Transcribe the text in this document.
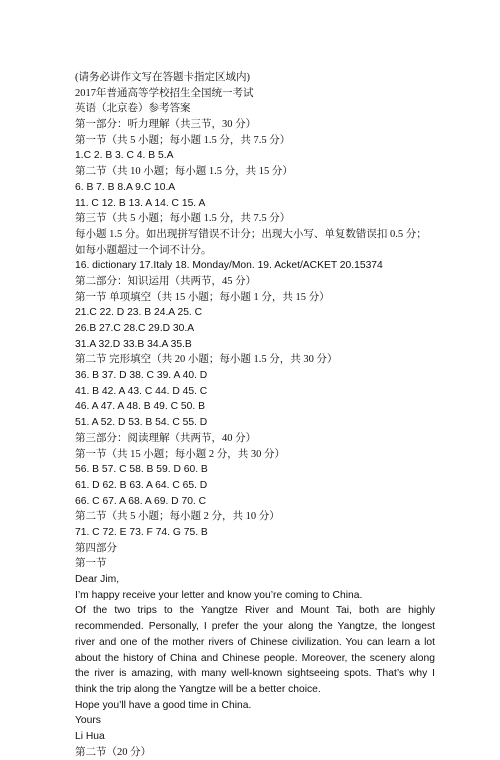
(请务必讲作文写在答题卡指定区域内)
2017年普通高等学校招生全国统一考试
英语（北京卷）参考答案
第一部分：听力理解（共三节，30 分）
第一节（共 5 小题；每小题 1.5 分，共 7.5 分）
1.C 2. B 3. C 4. B 5.A
第二节（共 10 小题；每小题 1.5 分，共 15 分）
6. B 7. B 8.A 9.C 10.A
11. C 12. B 13. A 14. C 15. A
第三节（共 5 小题；每小题 1.5 分，共 7.5 分）
每小题 1.5 分。如出现拼写错误不计分；出现大小写、单复数错误扣 0.5 分；如每小题超过一个词不计分。
16. dictionary 17.Italy 18. Monday/Mon. 19. Acket/ACKET 20.15374
第二部分：知识运用（共两节，45 分）
第一节 单项填空（共 15 小题；每小题 1 分，共 15 分）
21.C 22. D 23. B 24.A 25. C
26.B 27.C 28.C 29.D 30.A
31.A 32.D 33.B 34.A 35.B
第二节 完形填空（共 20 小题；每小题 1.5 分，共 30 分）
36. B 37. D 38. C 39. A 40. D
41. B 42. A 43. C 44. D 45. C
46. A 47. A 48. B 49. C 50. B
51. A 52. D 53. B 54. C 55. D
第三部分：阅读理解（共两节，40 分）
第一节（共 15 小题；每小题 2 分，共 30 分）
56. B 57. C 58. B 59. D 60. B
61. D 62. B 63. A 64. C 65. D
66. C 67. A 68. A 69. D 70. C
第二节（共 5 小题；每小题 2 分，共 10 分）
71. C 72. E 73. F 74. G 75. B
第四部分
第一节
Dear Jim,
I’m happy receive your letter and know you’re coming to China.
Of the two trips to the Yangtze River and Mount Tai, both are highly recommended. Personally, I prefer the your along the Yangtze, the longest river and one of the mother rivers of Chinese civilization. You can learn a lot about the history of China and Chinese people. Moreover, the scenery along the river is amazing, with many well-known sightseeing spots. That’s why I think the trip along the Yangtze will be a better choice.
Hope you’ll have a good time in China.
Yours
Li Hua
第二节（20 分）
